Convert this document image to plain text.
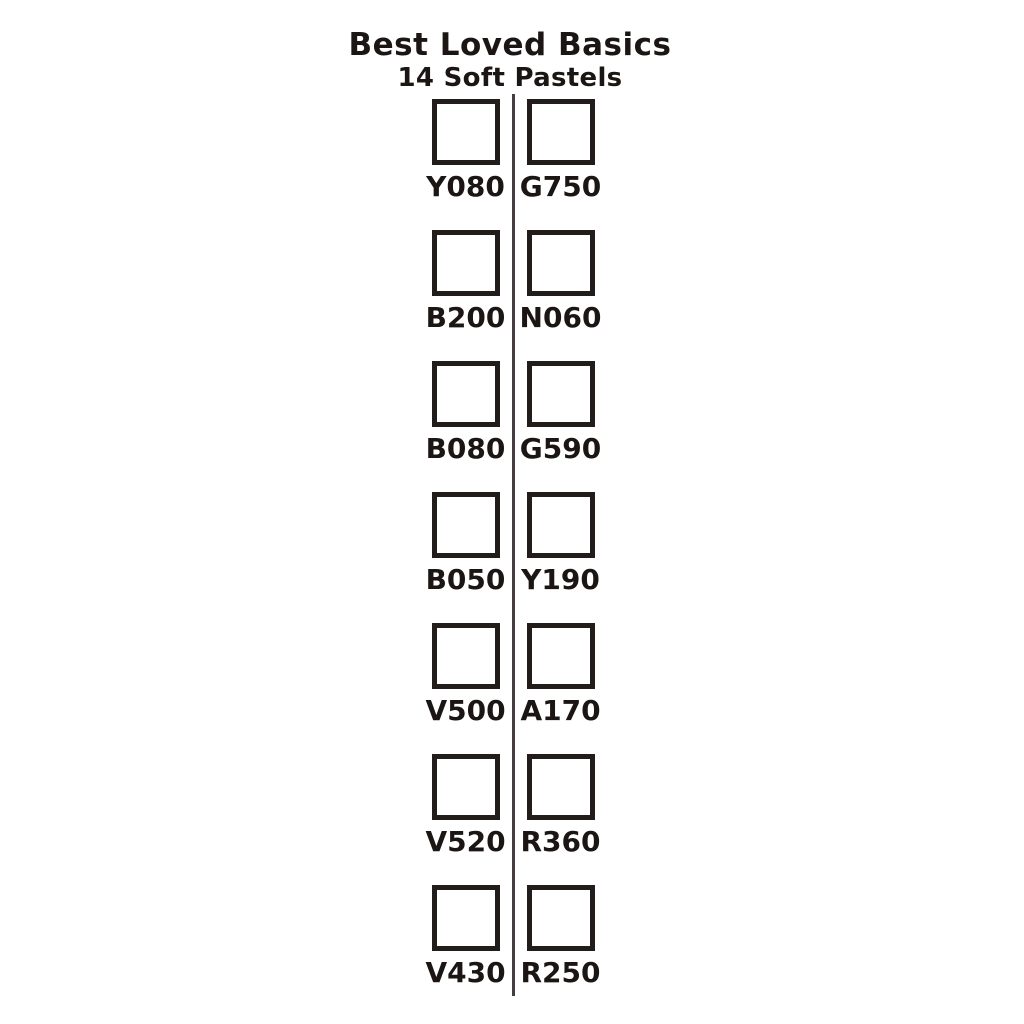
Best Loved Basics
14 Soft Pastels
Y080 G750
B200 N060
B080 G590
B050 Y190
V500 A170
V520 R360
V430 R250
